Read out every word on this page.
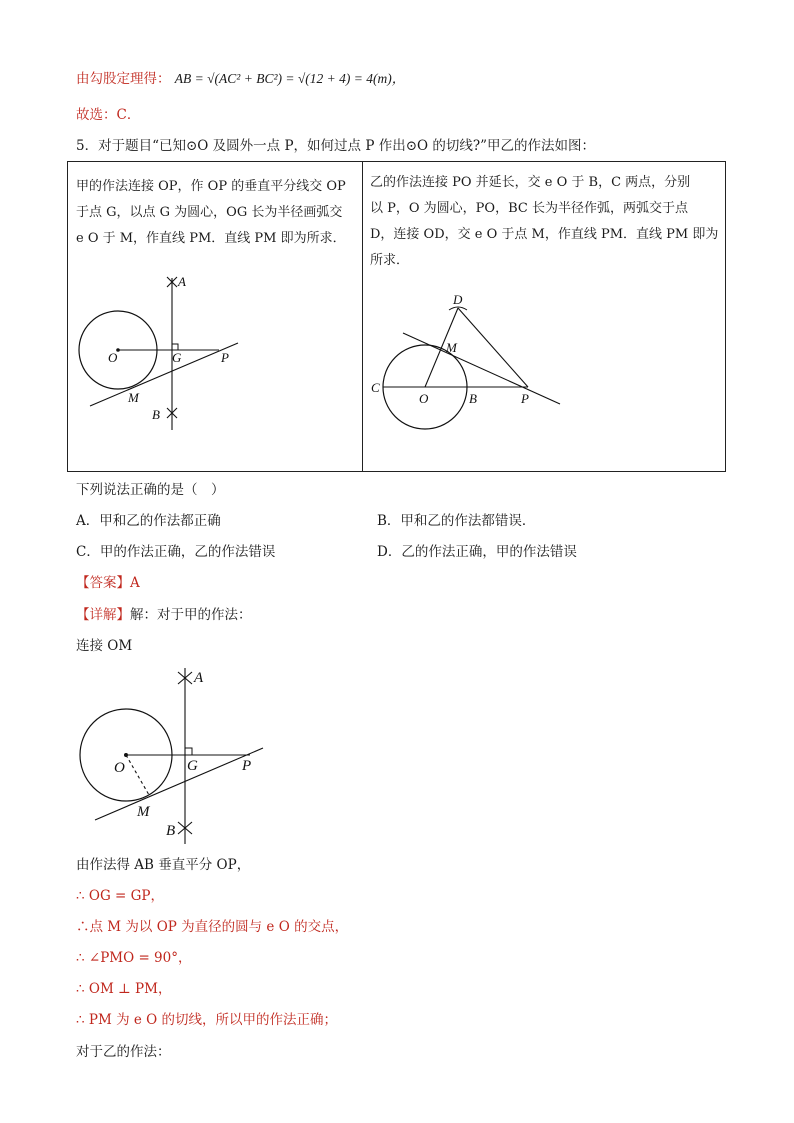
由勾股定理得： AB = √(AC² + BC²) = √(12 + 4) = 4(m)，
故选：C．
5．对于题目“已知⊙O 及圆外一点 P，如何过点 P 作出⊙O 的切线?”甲乙的作法如图：

甲的作法连接 OP，作 OP 的垂直平分线交 OP

于点 G，以点 G 为圆心，OG 长为半径画弧交

e O 于 M，作直线 PM．直线 PM 即为所求．

乙的作法连接 PO 并延长，交 e O 于 B，C 两点，分别

以 P，O 为圆心，PO，BC 长为半径作弧，两弧交于点

D，连接 OD，交 e O 于点 M，作直线 PM．直线 PM 即为

所求．

A
O	G	P
M
B
D
M
C
O	B	P
下列说法正确的是（　）
A．甲和乙的作法都正确	B．甲和乙的作法都错误．
C．甲的作法正确，乙的作法错误	D．乙的作法正确，甲的作法错误
【答案】A
【详解】解：对于甲的作法：
连接 OM
A
O	G	P
M
B
由作法得 AB 垂直平分 OP，
∴ OG = GP，
∴点 M 为以 OP 为直径的圆与 e O 的交点，
∴ ∠PMO = 90°，
∴ OM ⊥ PM，
∴ PM 为 e O 的切线，所以甲的作法正确；
对于乙的作法：
